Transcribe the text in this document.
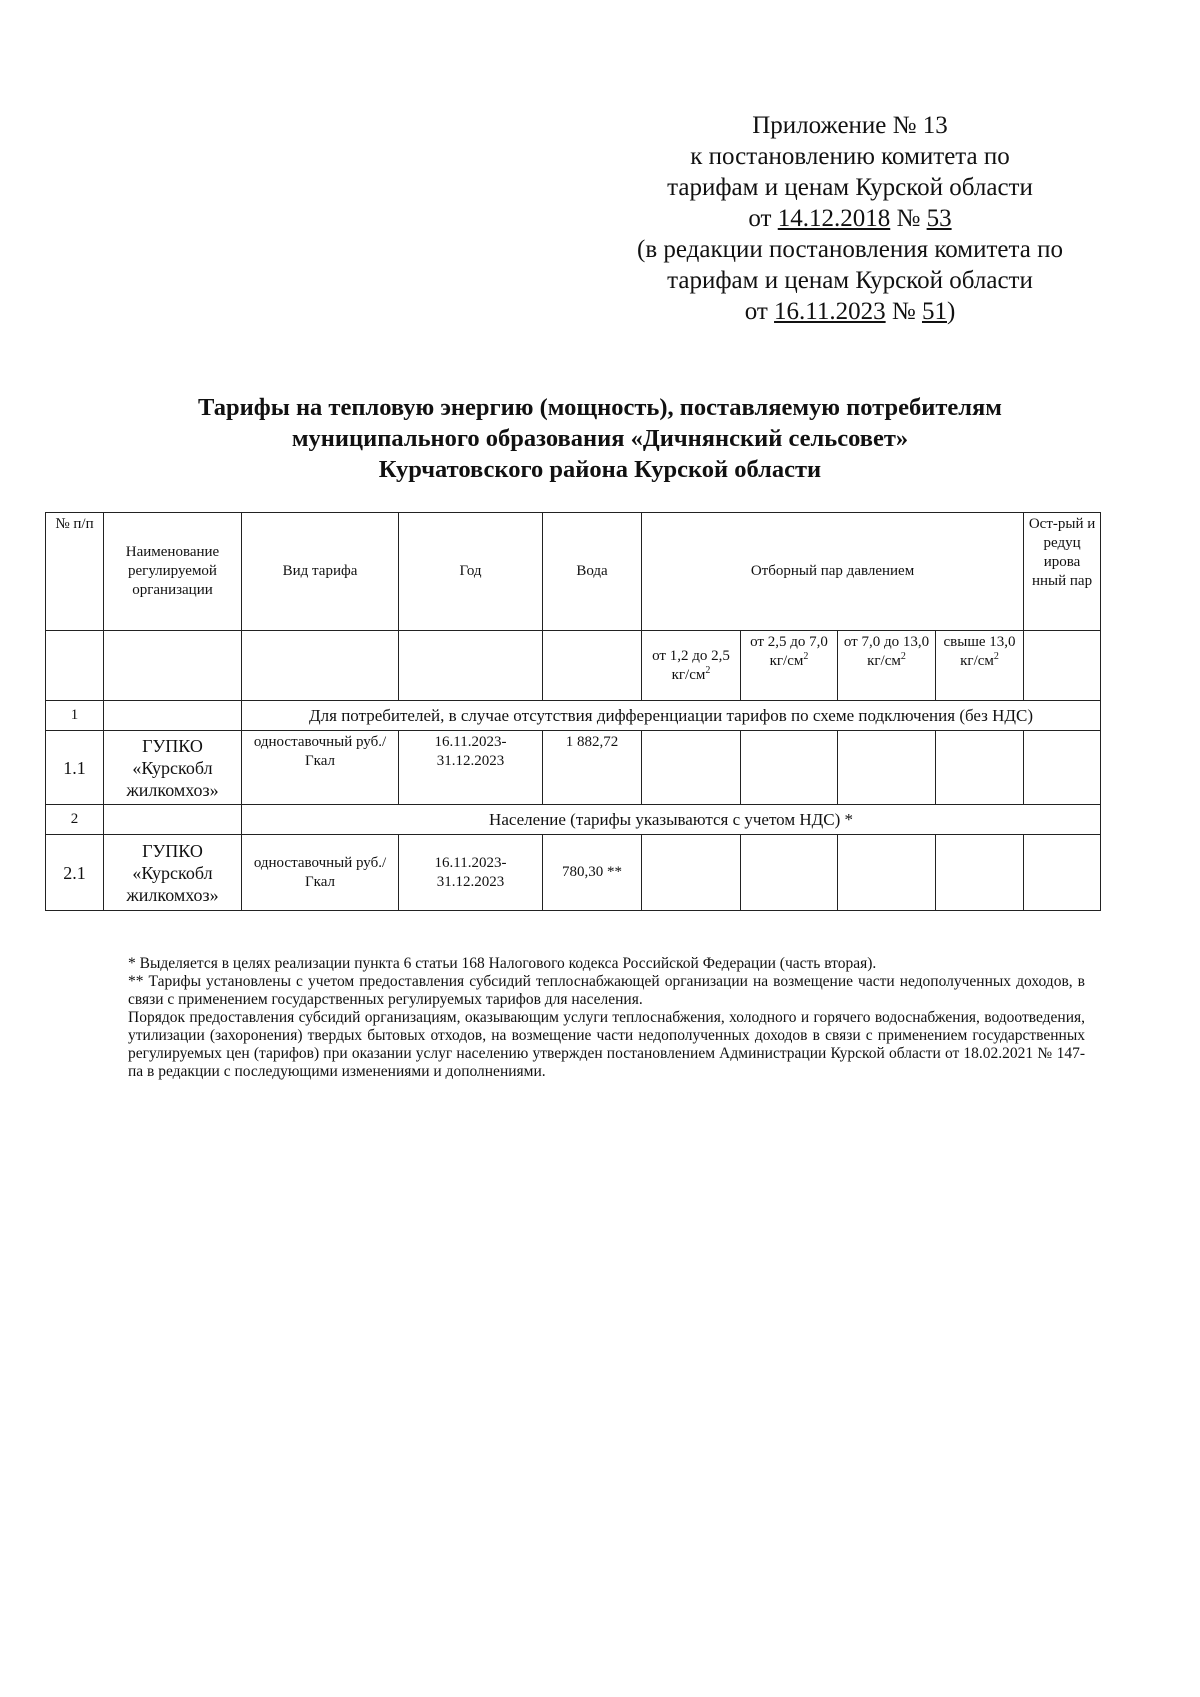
Приложение № 13
к постановлению комитета по
тарифам и ценам Курской области
от 14.12.2018 № 53
(в редакции постановления комитета по
тарифам и ценам Курской области
от 16.11.2023 № 51)
Тарифы на тепловую энергию (мощность), поставляемую потребителям
муниципального образования «Дичнянский сельсовет»
Курчатовского района Курской области
№ п/п	Наименование регулируемой организации	Вид тарифа	Год	Вода	Отборный пар давлением				Ост-рый и редуц ирова нный пар
					от 1,2 до 2,5 $кг/см^2$	от 2,5 до 7,0 $кг/см^2$	от 7,0 до 13,0 $кг/см^2$	свыше 13,0 $кг/см^2$	
1		Для потребителей, в случае отсутствия дифференциации тарифов по схеме подключения (без НДС)							
1.1	ГУПКО «Курскобл жилкомхоз»	одноставочный руб./Гкал	16.11.2023-31.12.2023	1 882,72					
2		Население (тарифы указываются с учетом НДС) *							
2.1	ГУПКО «Курскобл жилкомхоз»	одноставочный руб./Гкал	16.11.2023-31.12.2023	780,30 **					

* Выделяется в целях реализации пункта 6 статьи 168 Налогового кодекса Российской Федерации (часть вторая).

** Тарифы установлены с учетом предоставления субсидий теплоснабжающей организации на возмещение части недополученных доходов, в связи с применением государственных регулируемых тарифов для населения.

Порядок предоставления субсидий организациям, оказывающим услуги теплоснабжения, холодного и горячего водоснабжения, водоотведения, утилизации (захоронения) твердых бытовых отходов, на возмещение части недополученных доходов в связи с применением государственных регулируемых цен (тарифов) при оказании услуг населению утвержден постановлением Администрации Курской области от 18.02.2021 № 147-па в редакции с последующими изменениями и дополнениями.
